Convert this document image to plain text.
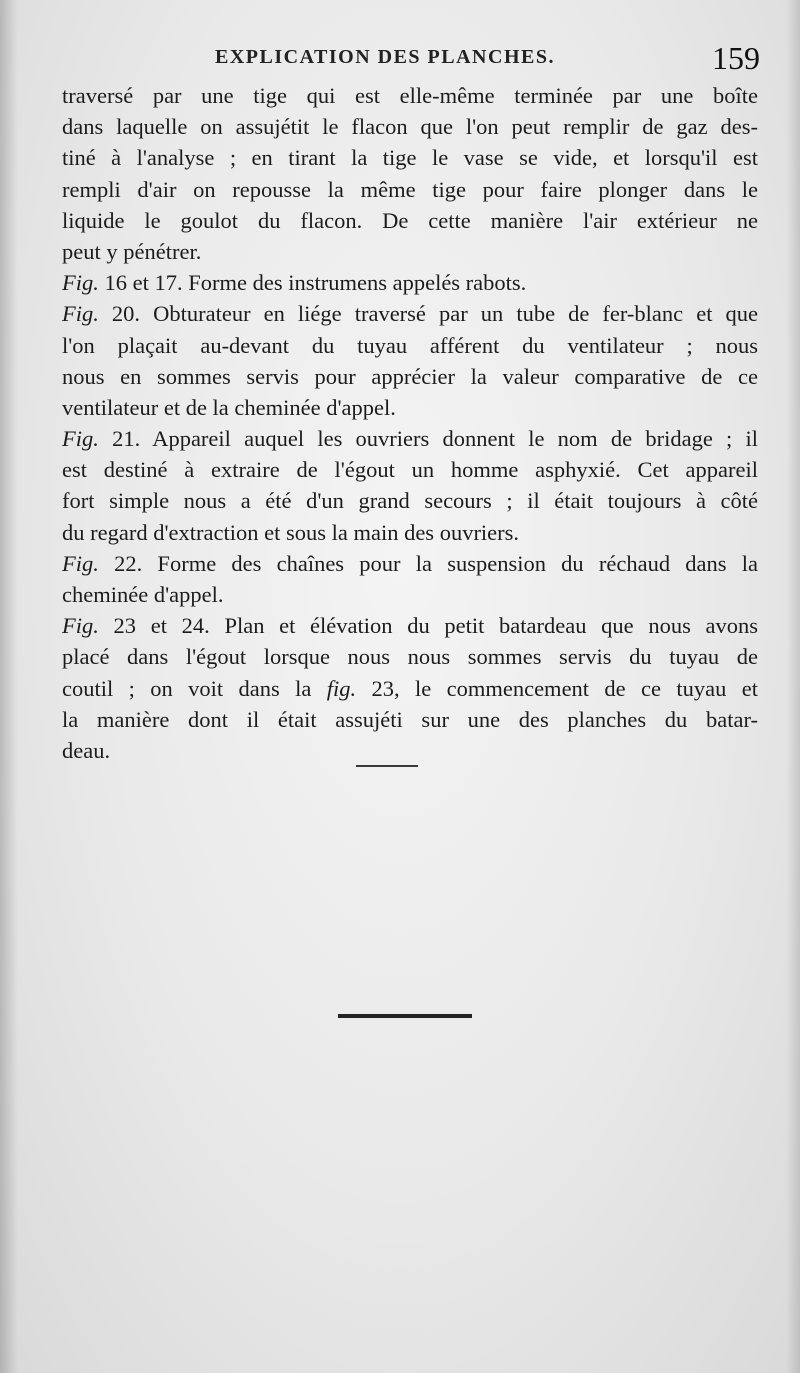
EXPLICATION DES PLANCHES.	159
traversé par une tige qui est elle-même terminée par une boîte
dans laquelle on assujétit le flacon que l'on peut remplir de gaz des-
tiné à l'analyse ; en tirant la tige le vase se vide, et lorsqu'il est
rempli d'air on repousse la même tige pour faire plonger dans le
liquide le goulot du flacon. De cette manière l'air extérieur ne
peut y pénétrer.
Fig. 16 et 17. Forme des instrumens appelés rabots.
Fig. 20. Obturateur en liége traversé par un tube de fer-blanc et que
l'on plaçait au-devant du tuyau afférent du ventilateur ; nous
nous en sommes servis pour apprécier la valeur comparative de ce
ventilateur et de la cheminée d'appel.
Fig. 21. Appareil auquel les ouvriers donnent le nom de bridage ; il
est destiné à extraire de l'égout un homme asphyxié. Cet appareil
fort simple nous a été d'un grand secours ; il était toujours à côté
du regard d'extraction et sous la main des ouvriers.
Fig. 22. Forme des chaînes pour la suspension du réchaud dans la
cheminée d'appel.
Fig. 23 et 24. Plan et élévation du petit batardeau que nous avons
placé dans l'égout lorsque nous nous sommes servis du tuyau de
coutil ; on voit dans la fig. 23, le commencement de ce tuyau et
la manière dont il était assujéti sur une des planches du batar-
deau.
